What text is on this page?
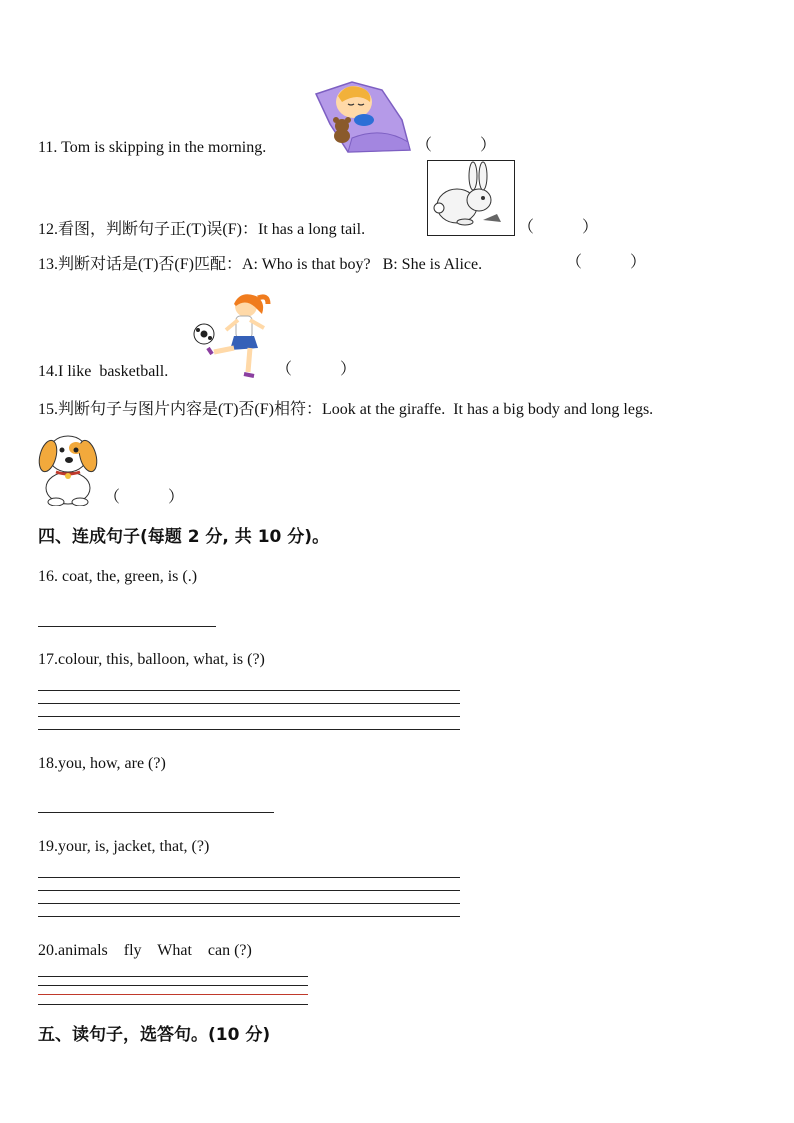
11. Tom is skipping in the morning.	（　　　）
12.看图，判断句子正(T)误(F)：It has a long tail.	（　　　）
13.判断对话是(T)否(F)匹配：A: Who is that boy?   B: She is Alice.	（　　　）
14.I like  basketball.	（　　　）
15.判断句子与图片内容是(T)否(F)相符：Look at the giraffe.  It has a big body and long legs.
（　　　）
四、连成句子(每题 2 分, 共 10 分)。
16. coat, the, green, is (.)
17.colour, this, balloon, what, is (?)
18.you, how, are (?)
19.your, is, jacket, that, (?)
20.animals    fly    What    can (?)
五、读句子，选答句。(10 分)
